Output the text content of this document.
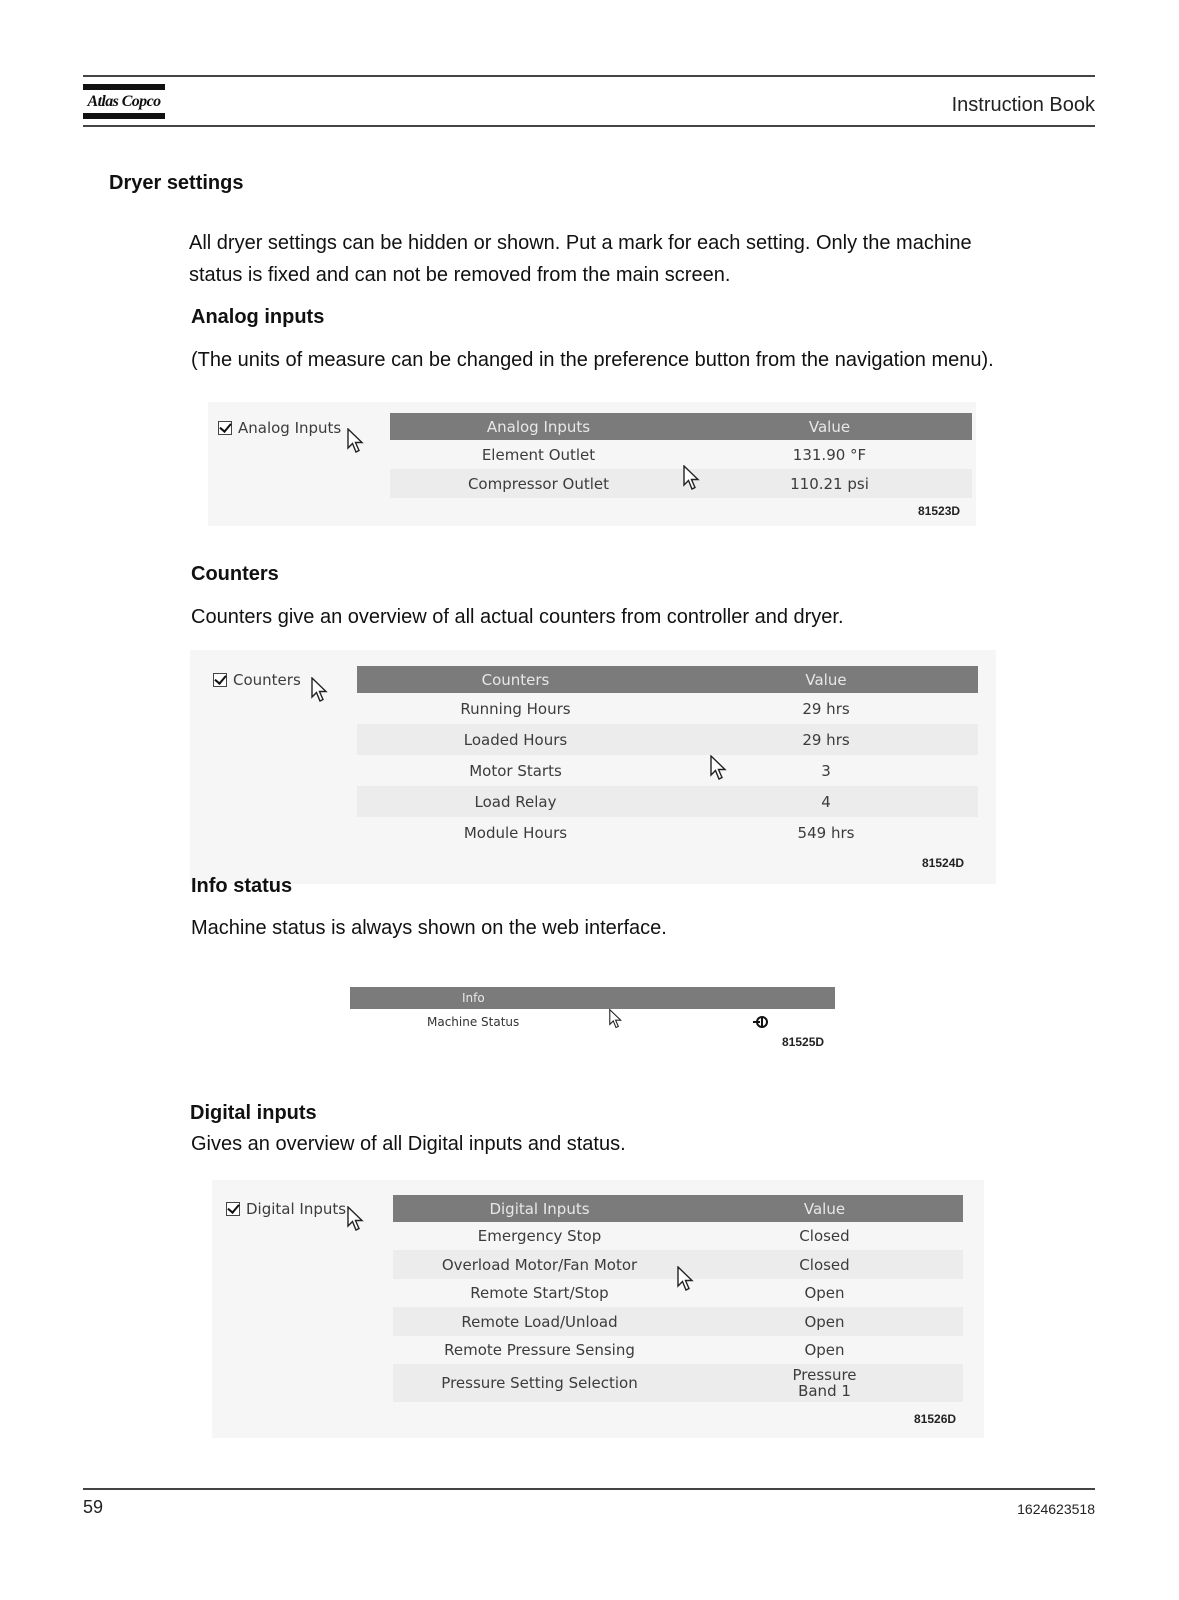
Atlas Copco	Instruction Book
Dryer settings
All dryer settings can be hidden or shown. Put a mark for each setting. Only the machine
status is fixed and can not be removed from the main screen.
Analog inputs
(The units of measure can be changed in the preference button from the navigation menu).
Analog Inputs	Analog Inputs	Value
Element Outlet	131.90 °F
Compressor Outlet	110.21 psi
81523D
Counters
Counters give an overview of all actual counters from controller and dryer.
Counters	Counters	Value
Running Hours	29 hrs
Loaded Hours	29 hrs
Motor Starts	3
Load Relay	4
Module Hours	549 hrs
81524D
Info status
Machine status is always shown on the web interface.
Info
Machine Status
81525D
Digital inputs
Gives an overview of all Digital inputs and status.
Digital Inputs	Digital Inputs	Value
Emergency Stop	Closed
Overload Motor/Fan Motor	Closed
Remote Start/Stop	Open
Remote Load/Unload	Open
Remote Pressure Sensing	Open
Pressure Setting Selection	Pressure
Band 1
81526D
59	1624623518
